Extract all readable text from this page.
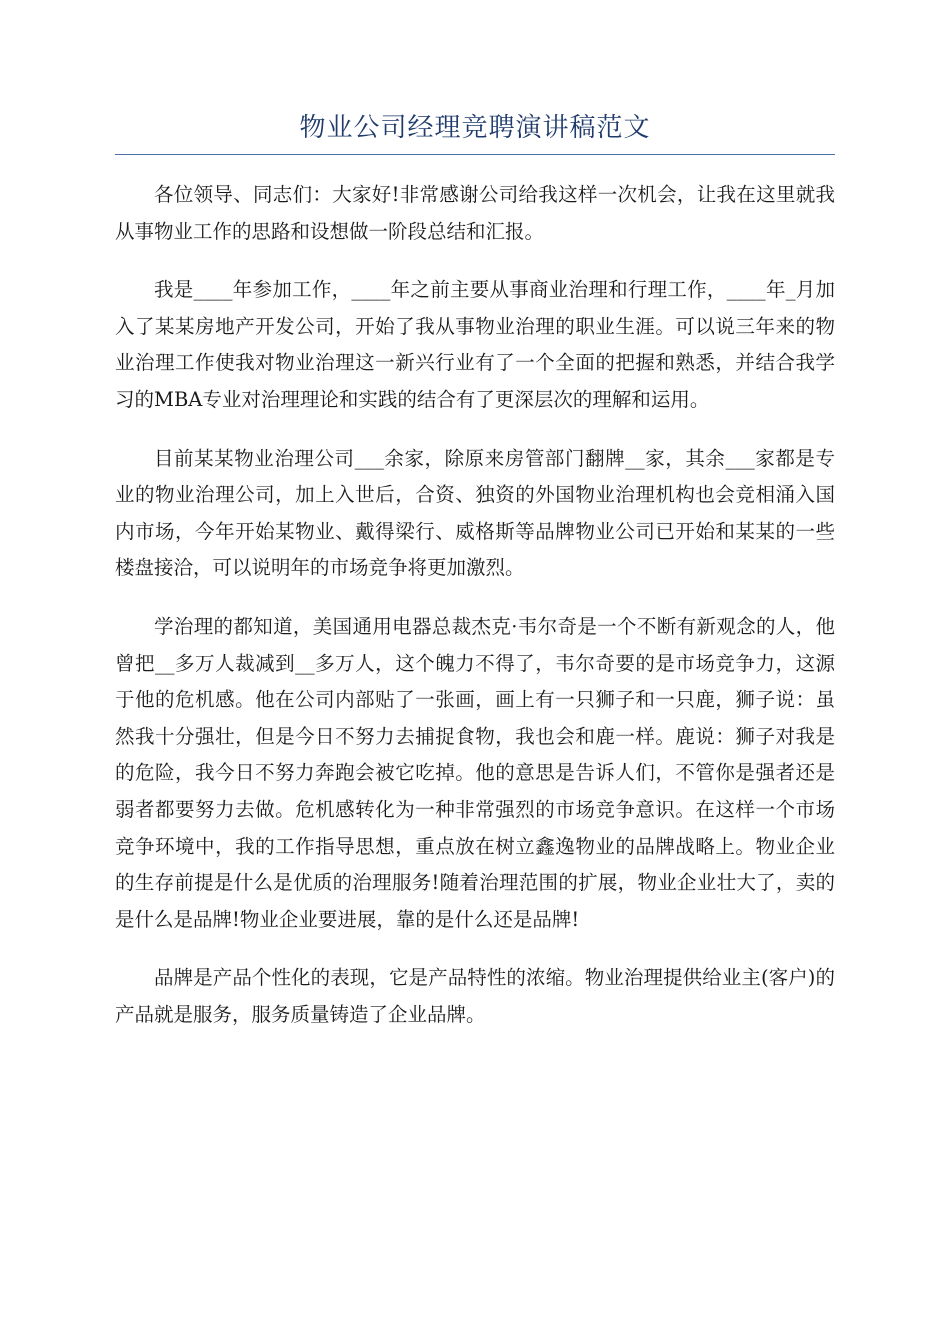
物业公司经理竞聘演讲稿范文

各位领导、同志们：大家好!非常感谢公司给我这样一次机会，让我在这里就我从事物业工作的思路和设想做一阶段总结和汇报。

我是____年参加工作，____年之前主要从事商业治理和行理工作，____年_月加入了某某房地产开发公司，开始了我从事物业治理的职业生涯。可以说三年来的物业治理工作使我对物业治理这一新兴行业有了一个全面的把握和熟悉，并结合我学习的MBA专业对治理理论和实践的结合有了更深层次的理解和运用。

目前某某物业治理公司___余家，除原来房管部门翻牌__家，其余___家都是专业的物业治理公司，加上入世后，合资、独资的外国物业治理机构也会竞相涌入国内市场，今年开始某物业、戴得梁行、威格斯等品牌物业公司已开始和某某的一些楼盘接洽，可以说明年的市场竞争将更加激烈。

学治理的都知道，美国通用电器总裁杰克·韦尔奇是一个不断有新观念的人，他曾把__多万人裁减到__多万人，这个魄力不得了，韦尔奇要的是市场竞争力，这源于他的危机感。他在公司内部贴了一张画，画上有一只狮子和一只鹿，狮子说：虽然我十分强壮，但是今日不努力去捕捉食物，我也会和鹿一样。鹿说：狮子对我是的危险，我今日不努力奔跑会被它吃掉。他的意思是告诉人们，不管你是强者还是弱者都要努力去做。危机感转化为一种非常强烈的市场竞争意识。在这样一个市场竞争环境中，我的工作指导思想，重点放在树立鑫逸物业的品牌战略上。物业企业的生存前提是什么是优质的治理服务!随着治理范围的扩展，物业企业壮大了，卖的是什么是品牌!物业企业要进展，靠的是什么还是品牌!

品牌是产品个性化的表现，它是产品特性的浓缩。物业治理提供给业主(客户)的产品就是服务，服务质量铸造了企业品牌。
